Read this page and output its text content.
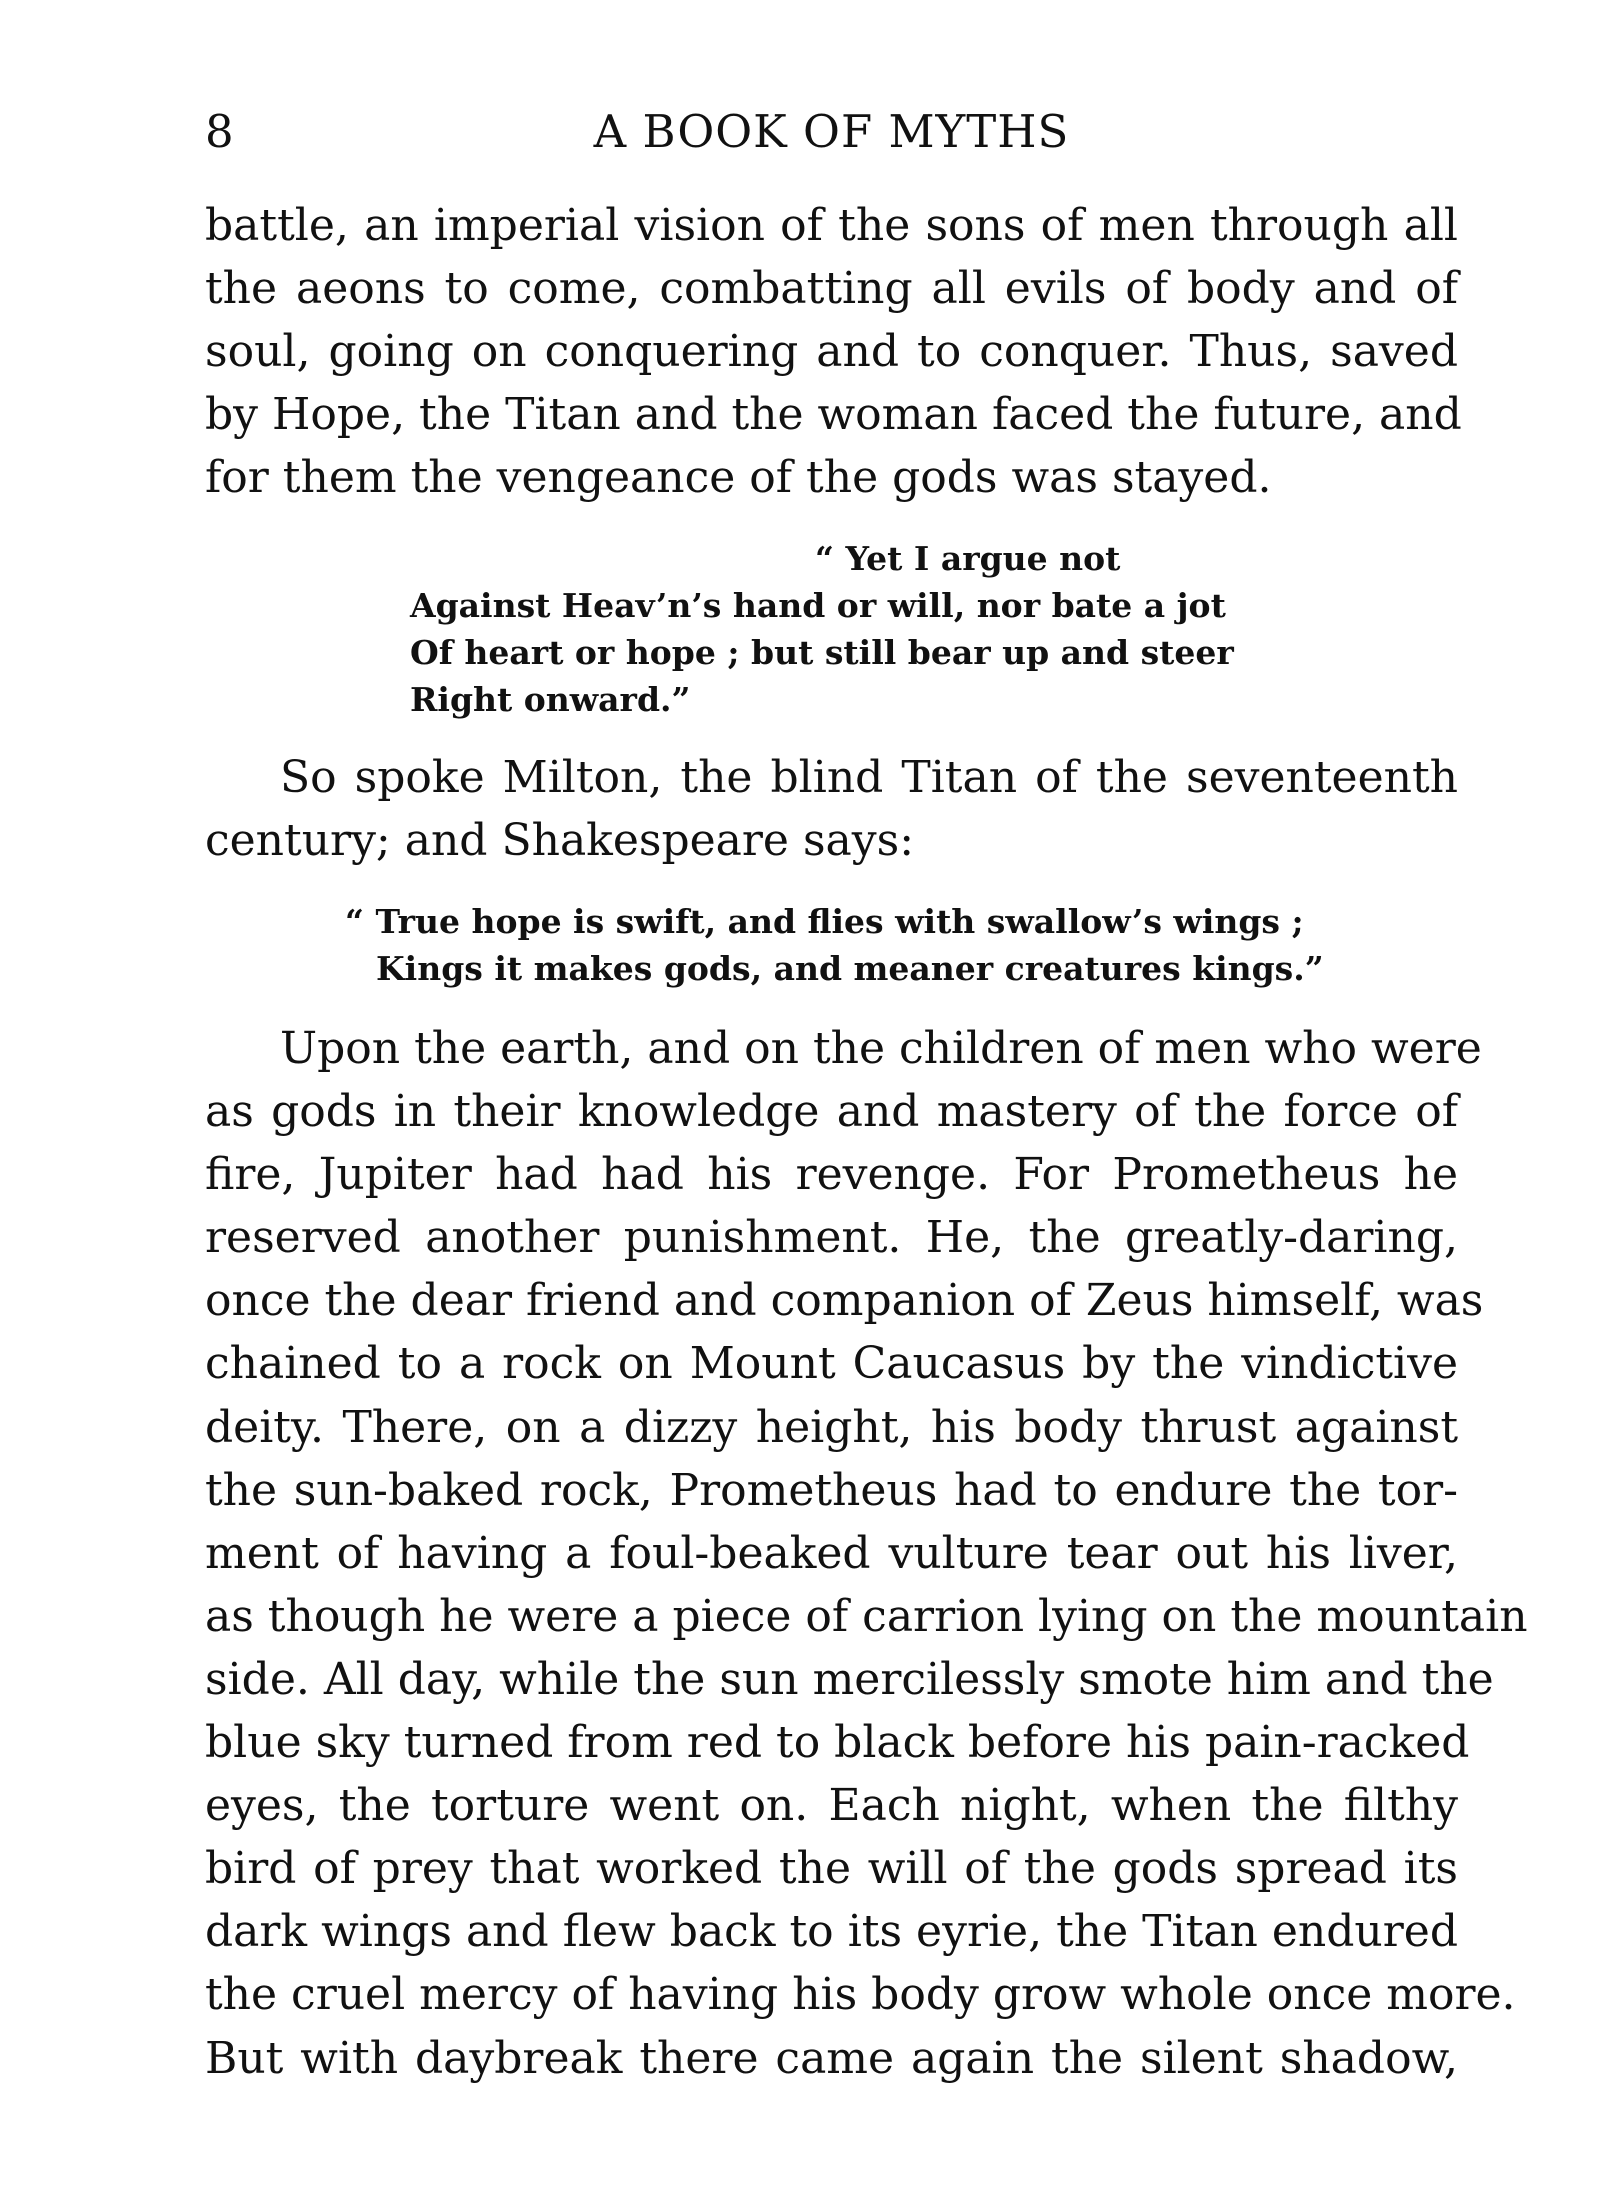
8	A BOOK OF MYTHS
battle, an imperial vision of the sons of men through all
the aeons to come, combatting all evils of body and of
soul, going on conquering and to conquer. Thus, saved
by Hope, the Titan and the woman faced the future, and
for them the vengeance of the gods was stayed.
“ Yet I argue not
Against Heav’n’s hand or will, nor bate a jot
Of heart or hope ; but still bear up and steer
Right onward.”
So spoke Milton, the blind Titan of the seventeenth
century; and Shakespeare says:
“ True hope is swift, and flies with swallow’s wings ;
Kings it makes gods, and meaner creatures kings.”
Upon the earth, and on the children of men who were
as gods in their knowledge and mastery of the force of
fire, Jupiter had had his revenge. For Prometheus he
reserved another punishment. He, the greatly-daring,
once the dear friend and companion of Zeus himself, was
chained to a rock on Mount Caucasus by the vindictive
deity. There, on a dizzy height, his body thrust against
the sun-baked rock, Prometheus had to endure the tor-
ment of having a foul-beaked vulture tear out his liver,
as though he were a piece of carrion lying on the mountain
side. All day, while the sun mercilessly smote him and the
blue sky turned from red to black before his pain-racked
eyes, the torture went on. Each night, when the filthy
bird of prey that worked the will of the gods spread its
dark wings and flew back to its eyrie, the Titan endured
the cruel mercy of having his body grow whole once more.
But with daybreak there came again the silent shadow,
